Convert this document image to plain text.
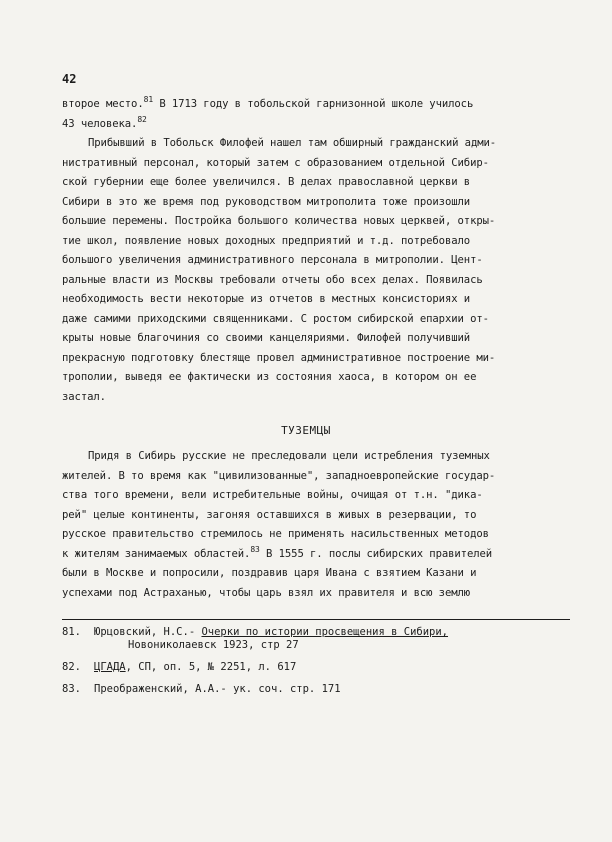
42
второе место.$^{81}$ В 1713 году в тобольской гарнизонной школе училось
43 человека.$^{82}$
Прибывший в Тобольск Филофей нашел там обширный гражданский адми-
нистративный персонал, который затем с образованием отдельной Сибир-
ской губернии еще более увеличился. В делах православной церкви в
Сибири в это же время под руководством митрополита тоже произошли
большие перемены. Постройка большого количества новых церквей, откры-
тие школ, появление новых доходных предприятий и т.д. потребовало
большого увеличения административного персонала в митрополии. Цент-
ральные власти из Москвы требовали отчеты обо всех делах. Появилась
необходимость вести некоторые из отчетов в местных консисториях и
даже самими приходскими священниками. С ростом сибирской епархии от-
крыты новые благочиния со своими канцеляриями. Филофей получивший
прекрасную подготовку блестяще провел административное построение ми-
трополии, выведя ее фактически из состояния хаоса, в котором он ее
застал.
ТУЗЕМЦЫ
Придя в Сибирь русские не преследовали цели истребления туземных
жителей. В то время как "цивилизованные", западноевропейские государ-
ства того времени, вели истребительные войны, очищая от т.н. "дика-
рей" целые континенты, загоняя оставшихся в живых в резервации, то
русское правительство стремилось не применять насильственных методов
к жителям занимаемых областей.$^{83}$ В 1555 г. послы сибирских правителей
были в Москве и попросили, поздравив царя Ивана с взятием Казани и
успехами под Астраханью, чтобы царь взял их правителя и всю землю
81. Юрцовский, Н.С.- Очерки по истории просвещения в Сибири,
Новониколаевск 1923, стр 27
82. ЦГАДА, СП, оп. 5, № 2251, л. 617
83. Преображенский, А.А.- ук. соч. стр. 171
